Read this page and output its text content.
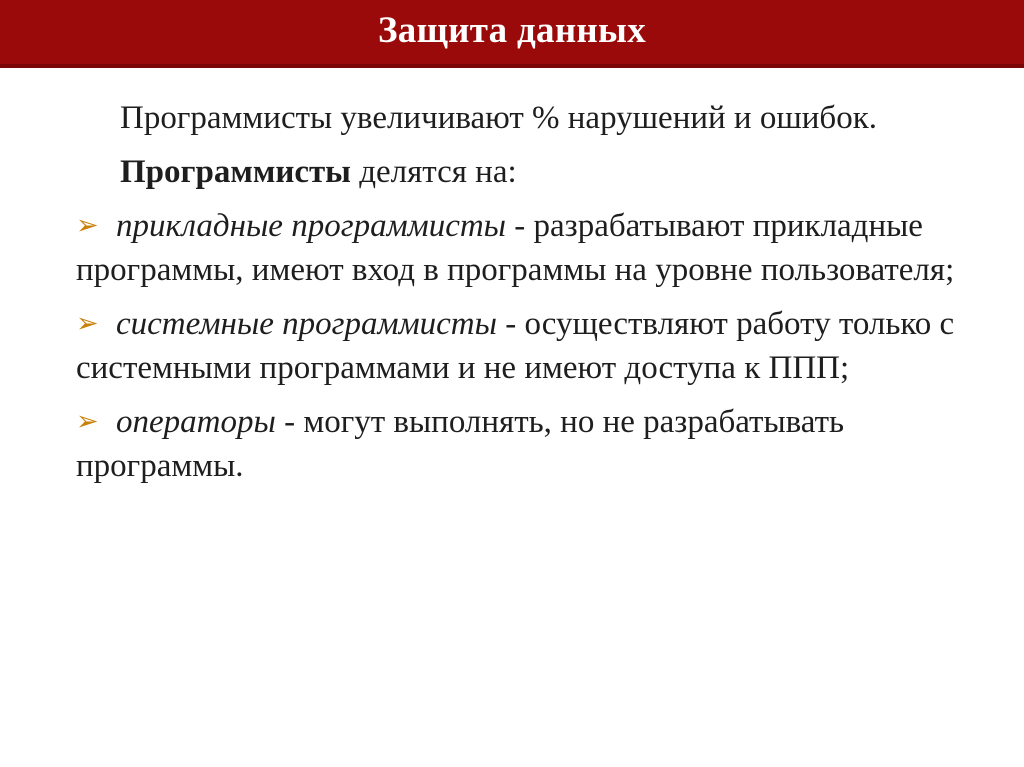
Защита данных

Программисты увеличивают % нарушений и ошибок.

Программисты делятся на:

➢ прикладные программисты - разрабатывают прикладные программы, имеют вход в программы на уровне пользователя;

➢ системные программисты - осуществляют работу только с системными программами и не имеют доступа к ППП;

➢ операторы - могут выполнять, но не разрабатывать программы.
